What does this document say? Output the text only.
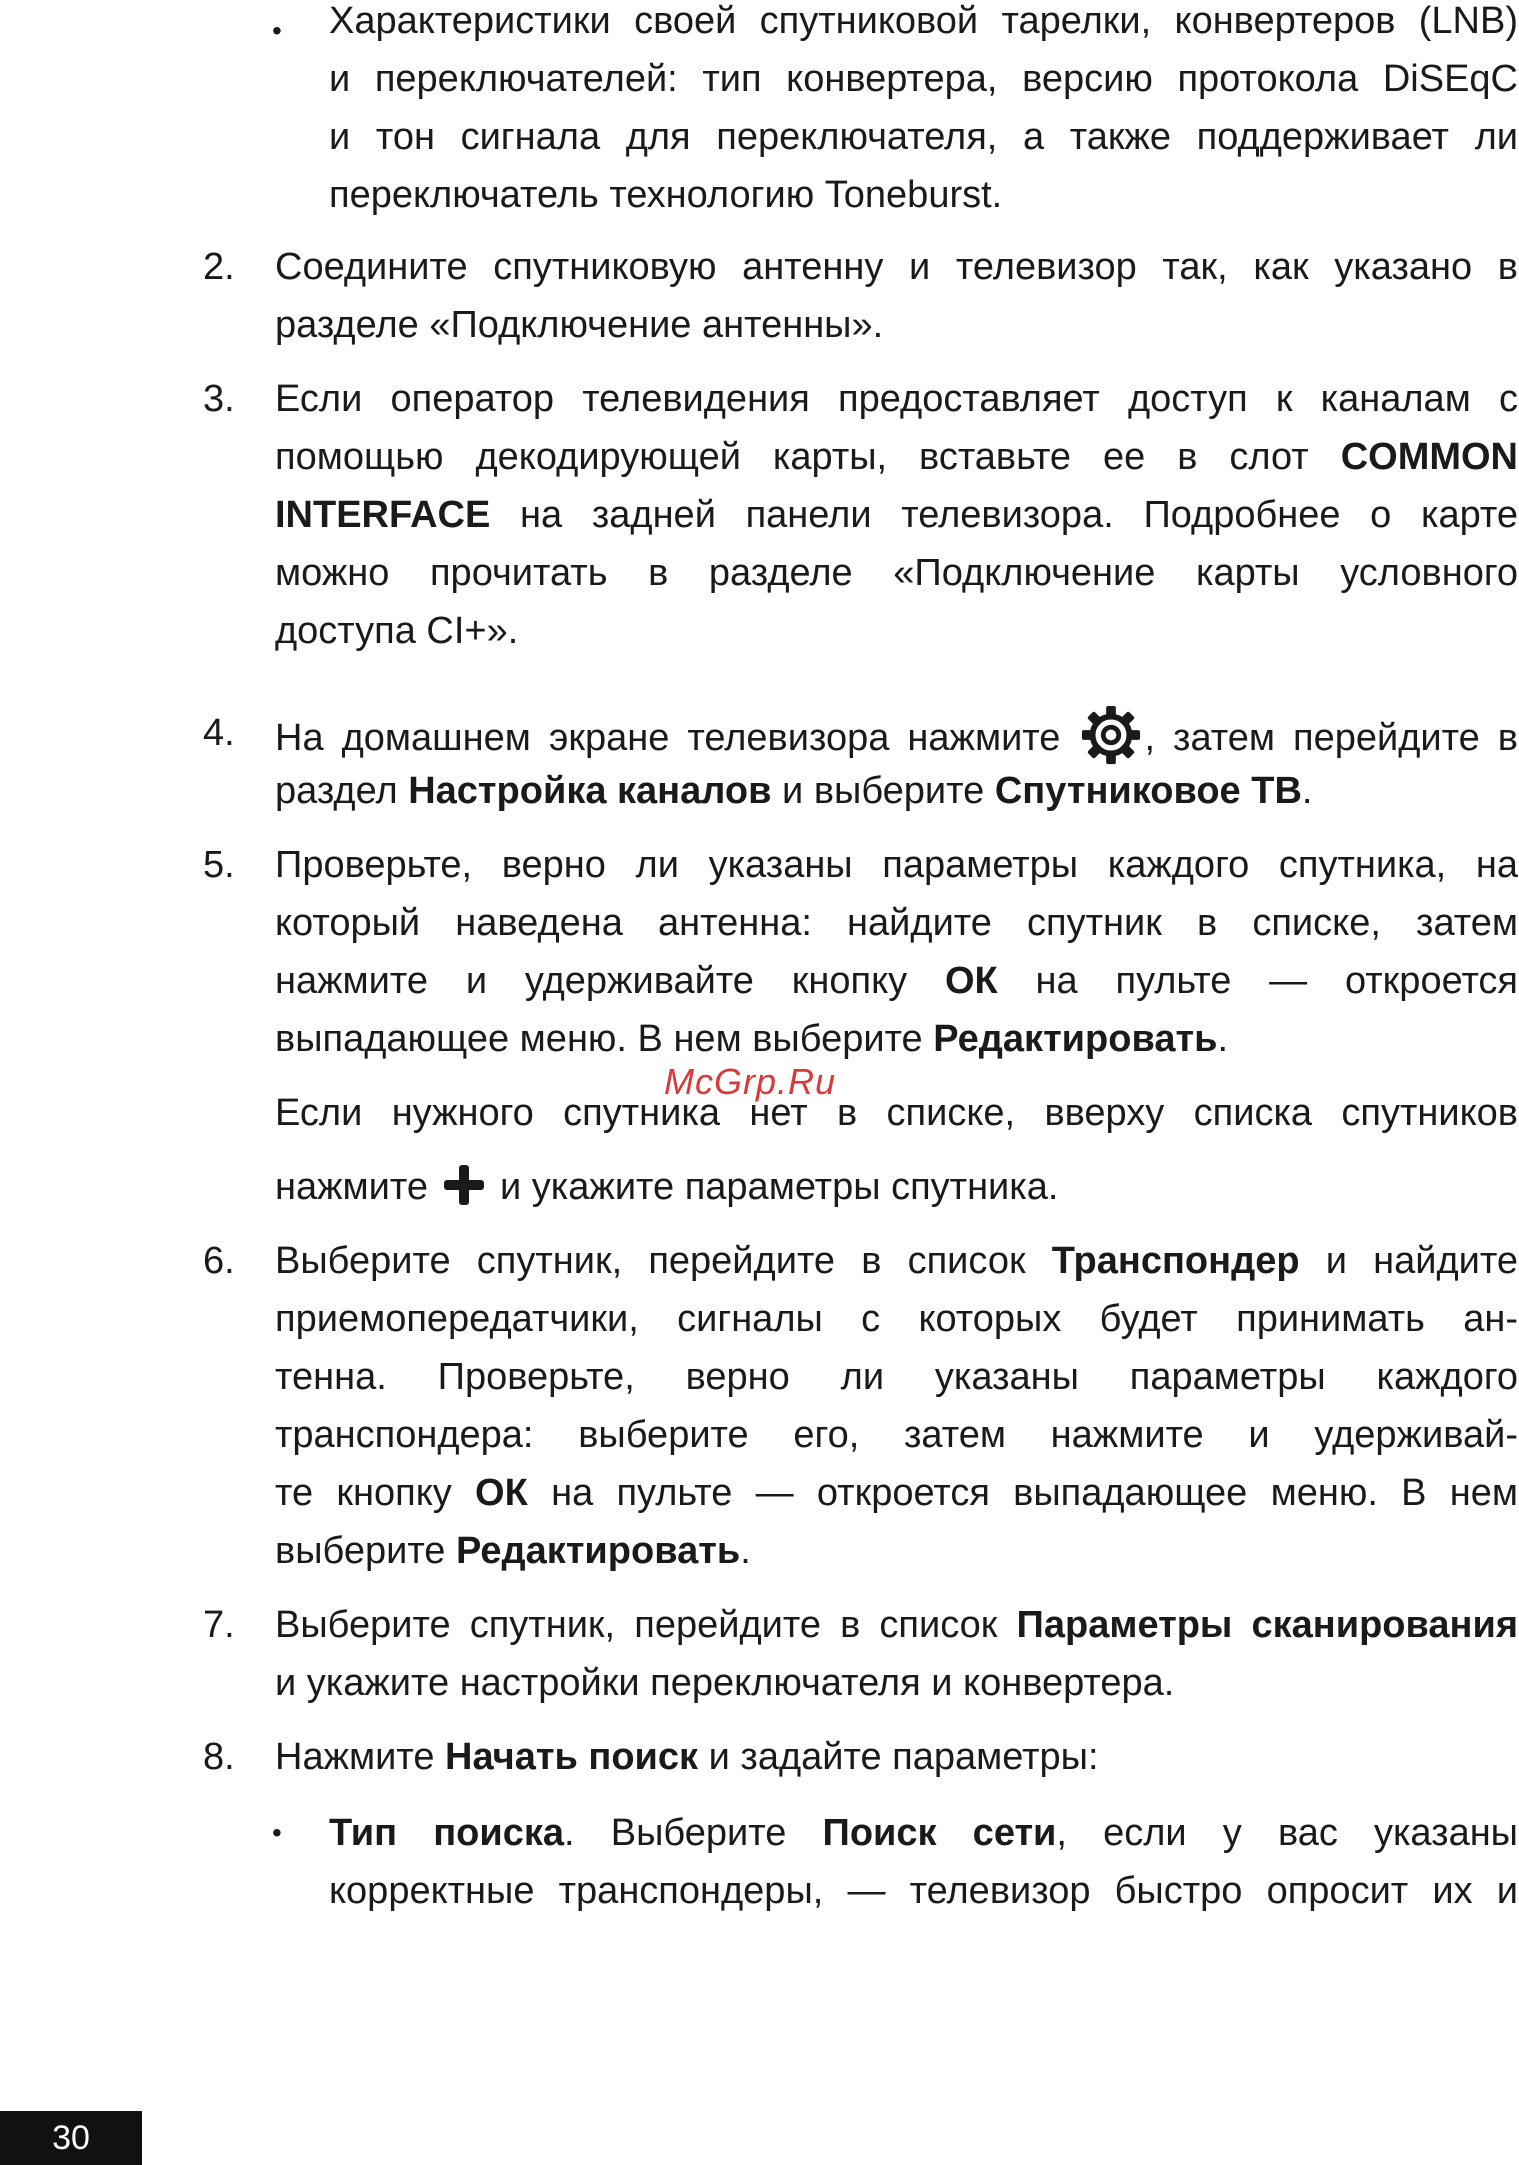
• Характеристики своей спутниковой тарелки, конвертеров (LNB)
и переключателей: тип конвертера, версию протокола DiSEqC
и тон сигнала для переключателя, а также поддерживает ли
переключатель технологию Toneburst.
2. Соедините спутниковую антенну и телевизор так, как указано в
разделе «Подключение антенны».
3. Если оператор телевидения предоставляет доступ к каналам с
помощью декодирующей карты, вставьте ее в слот COMMON
INTERFACE на задней панели телевизора. Подробнее о карте
можно прочитать в разделе «Подключение карты условного
доступа CI+».
4. На домашнем экране телевизора нажмите , затем перейдите в
раздел Настройка каналов и выберите Спутниковое ТВ.
5. Проверьте, верно ли указаны параметры каждого спутника, на
который наведена антенна: найдите спутник в списке, затем
нажмите и удерживайте кнопку ОК на пульте — откроется
выпадающее меню. В нем выберите Редактировать.
Если нужного спутника нет в списке, вверху списка спутников
нажмите и укажите параметры спутника.
McGrp.Ru
6. Выберите спутник, перейдите в список Транспондер и найдите
приемопередатчики, сигналы с которых будет принимать ан-
тенна. Проверьте, верно ли указаны параметры каждого
транспондера: выберите его, затем нажмите и удерживай-
те кнопку ОК на пульте — откроется выпадающее меню. В нем
выберите Редактировать.
7. Выберите спутник, перейдите в список Параметры сканирования
и укажите настройки переключателя и конвертера.
8. Нажмите Начать поиск и задайте параметры:
• Тип поиска. Выберите Поиск сети, если у вас указаны
корректные транспондеры, — телевизор быстро опросит их и
30
